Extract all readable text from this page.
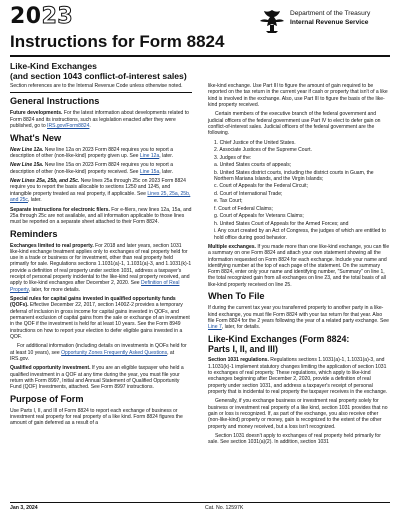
2023	Department of the Treasury
Internal Revenue Service
Instructions for Form 8824
Like-Kind Exchanges
(and section 1043 conflict-of-interest sales)

Section references are to the Internal Revenue Code unless otherwise noted.

General Instructions

Future developments. For the latest information about developments related to Form 8824 and its instructions, such as legislation enacted after they were published, go to IRS.gov/Form8824.

What's New

New Line 12a. New line 12a on 2023 Form 8824 requires you to report a description of other (non-like-kind) property given up. See Line 12a, later.

New Line 15a. New line 15a on 2023 Form 8824 requires you to report a description of other (non-like-kind) property received. See Line 15a, later.

New Lines 25a, 25b, and 25c. New lines 25a through 25c on 2023 Form 8824 require you to report the basis allocable to sections 1250 and 1245, and intangible property treated as real property, if applicable. See Lines 25, 25a, 25b, and 25c, later.

Separate instructions for electronic filers. For e-filers, new lines 12a, 15a, and 25a through 25c are not available, and all information applicable to those lines must be reported on a separate sheet attached to their Form 8824.

Reminders

Exchanges limited to real property. For 2018 and later years, section 1031 like-kind exchange treatment applies only to exchanges of real property held for use in a trade or business or for investment, other than real property held primarily for sale. Regulations sections 1.1031(a)-1, 1.1031(a)-3, and 1.1031(k)-1 provide a definition of real property under section 1031, address a taxpayer's receipt of personal property incidental to the like-kind real property received, and apply to like-kind exchanges after December 2, 2020. See Definition of Real Property, later, for more details.

Special rules for capital gains invested in qualified opportunity funds (QOFs). Effective December 22, 2017, section 1400Z-2 provides a temporary deferral of inclusion in gross income for capital gains invested in QOFs, and permanent exclusion of capital gains from the sale or exchange of an investment in the QOF if the investment is held for at least 10 years. See the Form 8949 instructions on how to report your election to defer eligible gains invested in a QOF.

For additional information (including details on investments in QOFs held for at least 10 years), see Opportunity Zones Frequently Asked Questions, at IRS.gov.

Qualified opportunity investment. If you are an eligible taxpayer who held a qualified investment in a QOF at any time during the year, you must file your return with Form 8997, Initial and Annual Statement of Qualified Opportunity Fund (QOF) Investments, attached. See Form 8997 instructions.

Purpose of Form

Use Parts I, II, and III of Form 8824 to report each exchange of business or investment real property for real property of a like kind. Form 8824 figures the amount of gain deferred as a result of a

like-kind exchange. Use Part III to figure the amount of gain required to be reported on the tax return in the current year if cash or property that isn't of a like kind is involved in the exchange. Also, use Part III to figure the basis of the like-kind property received.

Certain members of the executive branch of the federal government and judicial officers of the federal government use Part IV to elect to defer gain on conflict-of-interest sales. Judicial officers of the federal government are the following.

1. Chief Justice of the United States.
2. Associate Justices of the Supreme Court.
3. Judges of the:
a. United States courts of appeals;
b. United States district courts, including the district courts in Guam, the Northern Mariana Islands, and the Virgin Islands;
c. Court of Appeals for the Federal Circuit;
d. Court of International Trade;
e. Tax Court;
f. Court of Federal Claims;
g. Court of Appeals for Veterans Claims;
h. United States Court of Appeals for the Armed Forces; and
i. Any court created by an Act of Congress, the judges of which are entitled to hold office during good behavior.

Multiple exchanges. If you made more than one like-kind exchange, you can file a summary on one Form 8824 and attach your own statement showing all the information requested on Form 8824 for each exchange. Include your name and identifying number at the top of each page of the statement. On the summary Form 8824, enter only your name and identifying number, "Summary" on line 1, the total recognized gain from all exchanges on line 23, and the total basis of all like-kind property received on line 25.

When To File

If during the current tax year you transferred property to another party in a like-kind exchange, you must file Form 8824 with your tax return for that year. Also file Form 8824 for the 2 years following the year of a related party exchange. See Line 7, later, for details.

Like-Kind Exchanges (Form 8824:
Parts I, II, and III)

Section 1031 regulations. Regulations sections 1.1031(a)-1, 1.1031(a)-3, and 1.1031(k)-1 implement statutory changes limiting the application of section 1031 to exchanges of real property. These regulations, which apply to like-kind exchanges beginning after December 2, 2020, provide a definition of real property under section 1031, and address a taxpayer's receipt of personal property that is incidental to real property the taxpayer receives in the exchange.

Generally, if you exchange business or investment real property solely for business or investment real property of a like kind, section 1031 provides that no gain or loss is recognized. If, as part of the exchange, you also receive other (non-like-kind) property or money, gain is recognized to the extent of the other property and money received, but a loss isn't recognized.

Section 1031 doesn't apply to exchanges of real property held primarily for sale. See section 1031(a)(2). In addition, section 1031

Jan 3, 2024	Cat. No. 12597K
